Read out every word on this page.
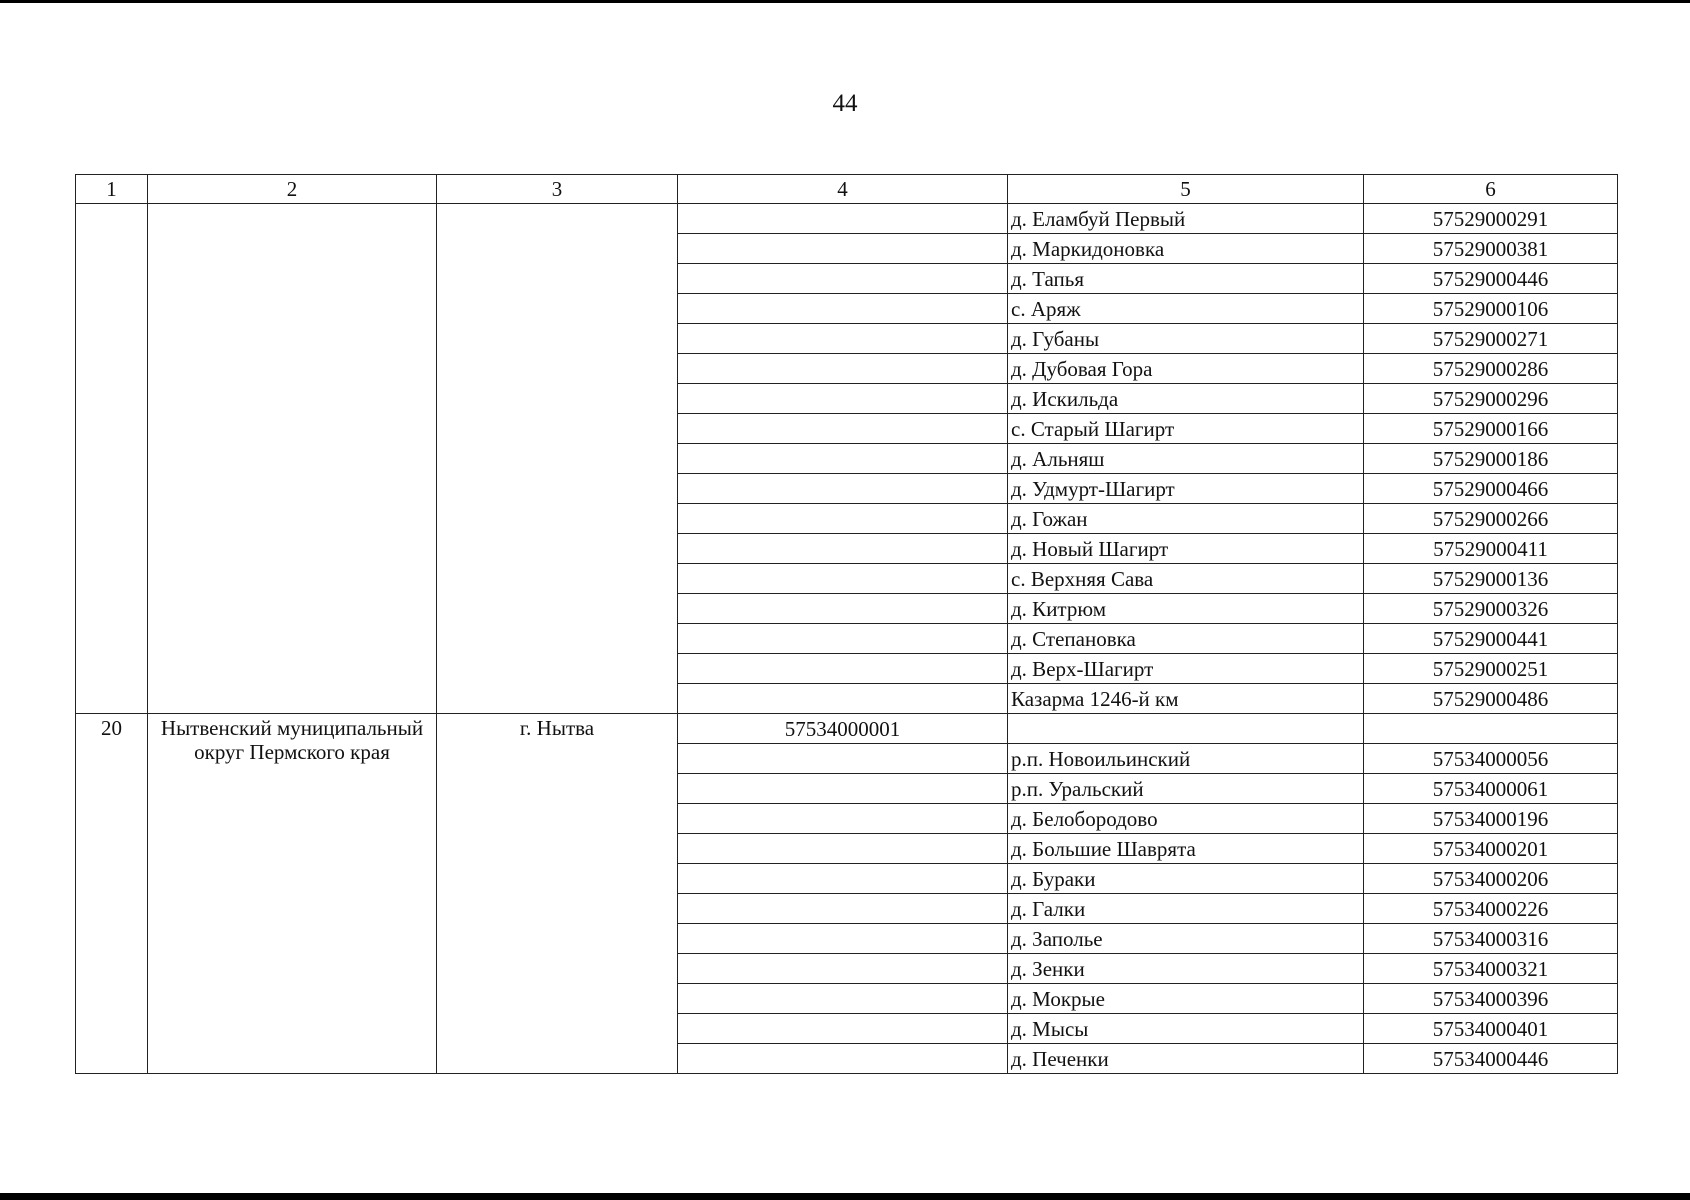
44
1	2	3	4	5	6
				д. Еламбуй Первый	57529000291
				д. Маркидоновка	57529000381
				д. Тапья	57529000446
				с. Аряж	57529000106
				д. Губаны	57529000271
				д. Дубовая Гора	57529000286
				д. Искильда	57529000296
				с. Старый Шагирт	57529000166
				д. Альняш	57529000186
				д. Удмурт-Шагирт	57529000466
				д. Гожан	57529000266
				д. Новый Шагирт	57529000411
				с. Верхняя Сава	57529000136
				д. Китрюм	57529000326
				д. Степановка	57529000441
				д. Верх-Шагирт	57529000251
				Казарма 1246-й км	57529000486
20	Нытвенский муниципальный округ Пермского края	г. Нытва	57534000001		
				р.п. Новоильинский	57534000056
				р.п. Уральский	57534000061
				д. Белобородово	57534000196
				д. Большие Шаврята	57534000201
				д. Бураки	57534000206
				д. Галки	57534000226
				д. Заполье	57534000316
				д. Зенки	57534000321
				д. Мокрые	57534000396
				д. Мысы	57534000401
				д. Печенки	57534000446
